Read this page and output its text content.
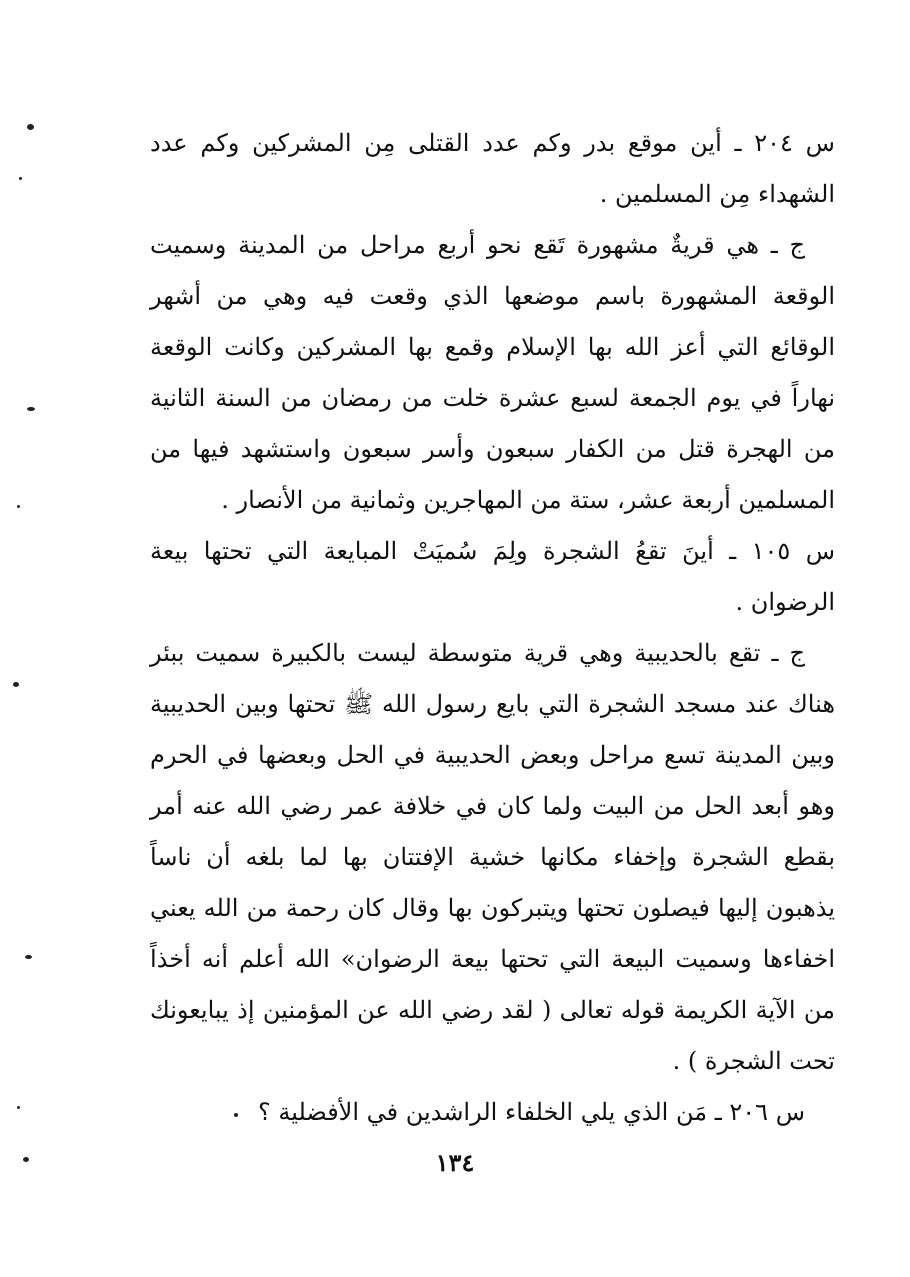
س ٢٠٤ ـ أين موقع بدر وكم عدد القتلى مِن المشركين وكم عدد الشهداء مِن المسلمين .

ج ـ هي قريةٌ مشهورة تَقع نحو أربع مراحل من المدينة وسميت الوقعة المشهورة باسم موضعها الذي وقعت فيه وهي من أشهر الوقائع التي أعز الله بها الإسلام وقمع بها المشركين وكانت الوقعة نهاراً في يوم الجمعة لسبع عشرة خلت من رمضان من السنة الثانية من الهجرة قتل من الكفار سبعون وأسر سبعون واستشهد فيها من المسلمين أربعة عشر، ستة من المهاجرين وثمانية من الأنصار .

س ١٠٥ ـ أينَ تقعُ الشجرة ولِمَ سُميَتْ المبايعة التي تحتها بيعة الرضوان .

ج ـ تقع بالحديبية وهي قرية متوسطة ليست بالكبيرة سميت ببئر هناك عند مسجد الشجرة التي بايع رسول الله ﷺ تحتها وبين الحديبية وبين المدينة تسع مراحل وبعض الحديبية في الحل وبعضها في الحرم وهو أبعد الحل من البيت ولما كان في خلافة عمر رضي الله عنه أمر بقطع الشجرة وإخفاء مكانها خشية الإفتتان بها لما بلغه أن ناساً يذهبون إليها فيصلون تحتها ويتبركون بها وقال كان رحمة من الله يعني اخفاءها وسميت البيعة التي تحتها بيعة الرضوان» الله أعلم أنه أخذاً من الآية الكريمة قوله تعالى ( لقد رضي الله عن المؤمنين إذ يبايعونك تحت الشجرة ) .

س ٢٠٦ ـ مَن الذي يلي الخلفاء الراشدين في الأفضلية ؟

١٣٤
